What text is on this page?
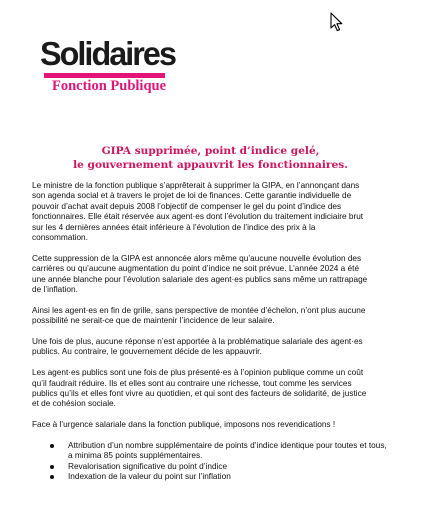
Solidaires
Fonction Publique
GIPA supprimée, point d’indice gelé,
le gouvernement appauvrit les fonctionnaires.

Le ministre de la fonction publique s’apprêterait à supprimer la GIPA, en l’annonçant dans
son agenda social et à travers le projet de loi de finances. Cette garantie individuelle de
pouvoir d’achat avait depuis 2008 l’objectif de compenser le gel du point d’indice des
fonctionnaires. Elle était réservée aux agent·es dont l’évolution du traitement indiciaire brut
sur les 4 dernières années était inférieure à l’évolution de l’indice des prix à la
consommation.

Cette suppression de la GIPA est annoncée alors même qu’aucune nouvelle évolution des
carrières ou qu’aucune augmentation du point d’indice ne soit prévue. L’année 2024 a été
une année blanche pour l’évolution salariale des agent·es publics sans même un rattrapage
de l’inflation.

Ainsi les agent·es en fin de grille, sans perspective de montée d’échelon, n’ont plus aucune
possibilité ne serait-ce que de maintenir l’incidence de leur salaire.

Une fois de plus, aucune réponse n’est apportée à la problématique salariale des agent·es
publics. Au contraire, le gouvernement décide de les appauvrir.

Les agent·es publics sont une fois de plus présenté·es à l’opinion publique comme un coût
qu’il faudrait réduire. Ils et elles sont au contraire une richesse, tout comme les services
publics qu’ils et elles font vivre au quotidien, et qui sont des facteurs de solidarité, de justice
et de cohésion sociale.

Face à l’urgence salariale dans la fonction publique, imposons nos revendications !

Attribution d’un nombre supplémentaire de points d’indice identique pour toutes et tous,
a minima 85 points supplémentaires.
Revalorisation significative du point d’indice
Indexation de la valeur du point sur l’inflation
